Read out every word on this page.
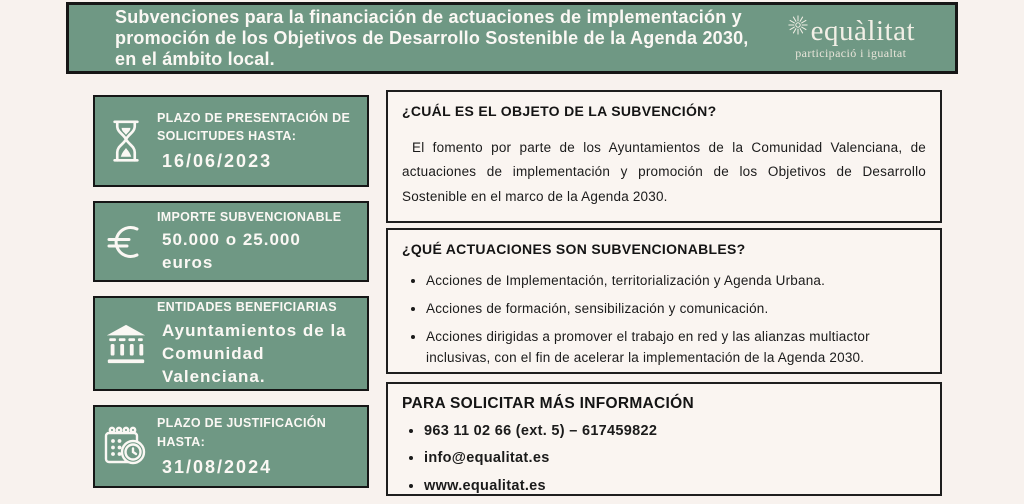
Subvenciones para la financiación de actuaciones de implementación y
promoción de los Objetivos de Desarrollo Sostenible de la Agenda 2030,
en el ámbito local.
equàlitat
participació i igualtat
PLAZO DE PRESENTACIÓN DE SOLICITUDES HASTA:
16/06/2023
IMPORTE SUBVENCIONABLE
50.000 o 25.000 euros
ENTIDADES BENEFICIARIAS
Ayuntamientos de la Comunidad Valenciana.
PLAZO DE JUSTIFICACIÓN HASTA:
31/08/2024
¿CUÁL ES EL OBJETO DE LA SUBVENCIÓN?

El fomento por parte de los Ayuntamientos de la Comunidad Valenciana, de actuaciones de implementación y promoción de los Objetivos de Desarrollo Sostenible en el marco de la Agenda 2030.

¿QUÉ ACTUACIONES SON SUBVENCIONABLES?
• Acciones de Implementación, territorialización y Agenda Urbana.
• Acciones de formación, sensibilización y comunicación.
• Acciones dirigidas a promover el trabajo en red y las alianzas multiactor inclusivas, con el fin de acelerar la implementación de la Agenda 2030.
PARA SOLICITAR MÁS INFORMACIÓN
• 963 11 02 66 (ext. 5) – 617459822
• info@equalitat.es
• www.equalitat.es
